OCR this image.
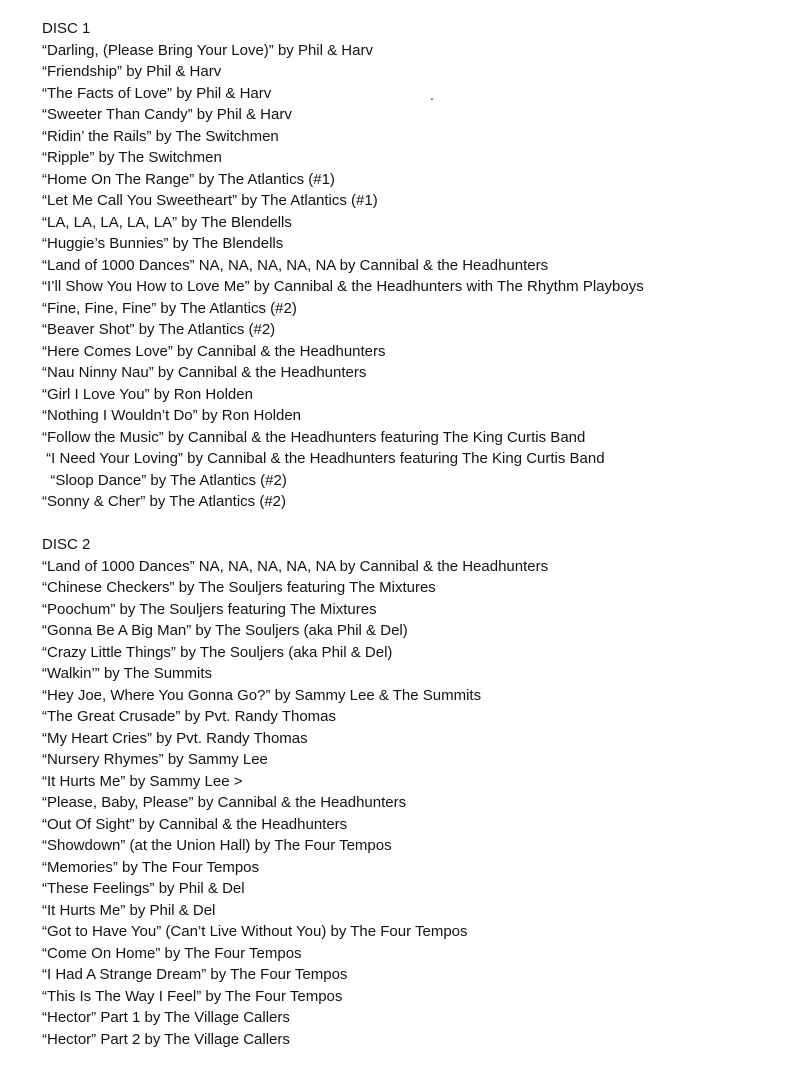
DISC 1
“Darling, (Please Bring Your Love)” by Phil & Harv
“Friendship” by Phil & Harv
“The Facts of Love” by Phil & Harv
“Sweeter Than Candy” by Phil & Harv
“Ridin’ the Rails” by The Switchmen
“Ripple” by The Switchmen
“Home On The Range” by The Atlantics (#1)
“Let Me Call You Sweetheart” by The Atlantics (#1)
“LA, LA, LA, LA, LA” by The Blendells
“Huggie’s Bunnies” by The Blendells
“Land of 1000 Dances” NA, NA, NA, NA, NA by Cannibal & the Headhunters
“I’ll Show You How to Love Me” by Cannibal & the Headhunters with The Rhythm Playboys
“Fine, Fine, Fine” by The Atlantics (#2)
“Beaver Shot” by The Atlantics (#2)
“Here Comes Love” by Cannibal & the Headhunters
“Nau Ninny Nau” by Cannibal & the Headhunters
“Girl I Love You” by Ron Holden
“Nothing I Wouldn’t Do” by Ron Holden
“Follow the Music” by Cannibal & the Headhunters featuring The King Curtis Band
“I Need Your Loving” by Cannibal & the Headhunters featuring The King Curtis Band
“Sloop Dance” by The Atlantics (#2)
“Sonny & Cher” by The Atlantics (#2)
DISC 2
“Land of 1000 Dances” NA, NA, NA, NA, NA by Cannibal & the Headhunters
“Chinese Checkers” by The Souljers featuring The Mixtures
“Poochum” by The Souljers featuring The Mixtures
“Gonna Be A Big Man” by The Souljers (aka Phil & Del)
“Crazy Little Things” by The Souljers (aka Phil & Del)
“Walkin’” by The Summits
“Hey Joe, Where You Gonna Go?” by Sammy Lee & The Summits
“The Great Crusade” by Pvt. Randy Thomas
“My Heart Cries” by Pvt. Randy Thomas
“Nursery Rhymes” by Sammy Lee
“It Hurts Me” by Sammy Lee >
“Please, Baby, Please” by Cannibal & the Headhunters
“Out Of Sight” by Cannibal & the Headhunters
“Showdown” (at the Union Hall) by The Four Tempos
“Memories” by The Four Tempos
“These Feelings” by Phil & Del
“It Hurts Me” by Phil & Del
“Got to Have You” (Can’t Live Without You) by The Four Tempos
“Come On Home” by The Four Tempos
“I Had A Strange Dream” by The Four Tempos
“This Is The Way I Feel” by The Four Tempos
“Hector” Part 1 by The Village Callers
“Hector” Part 2 by The Village Callers
.
